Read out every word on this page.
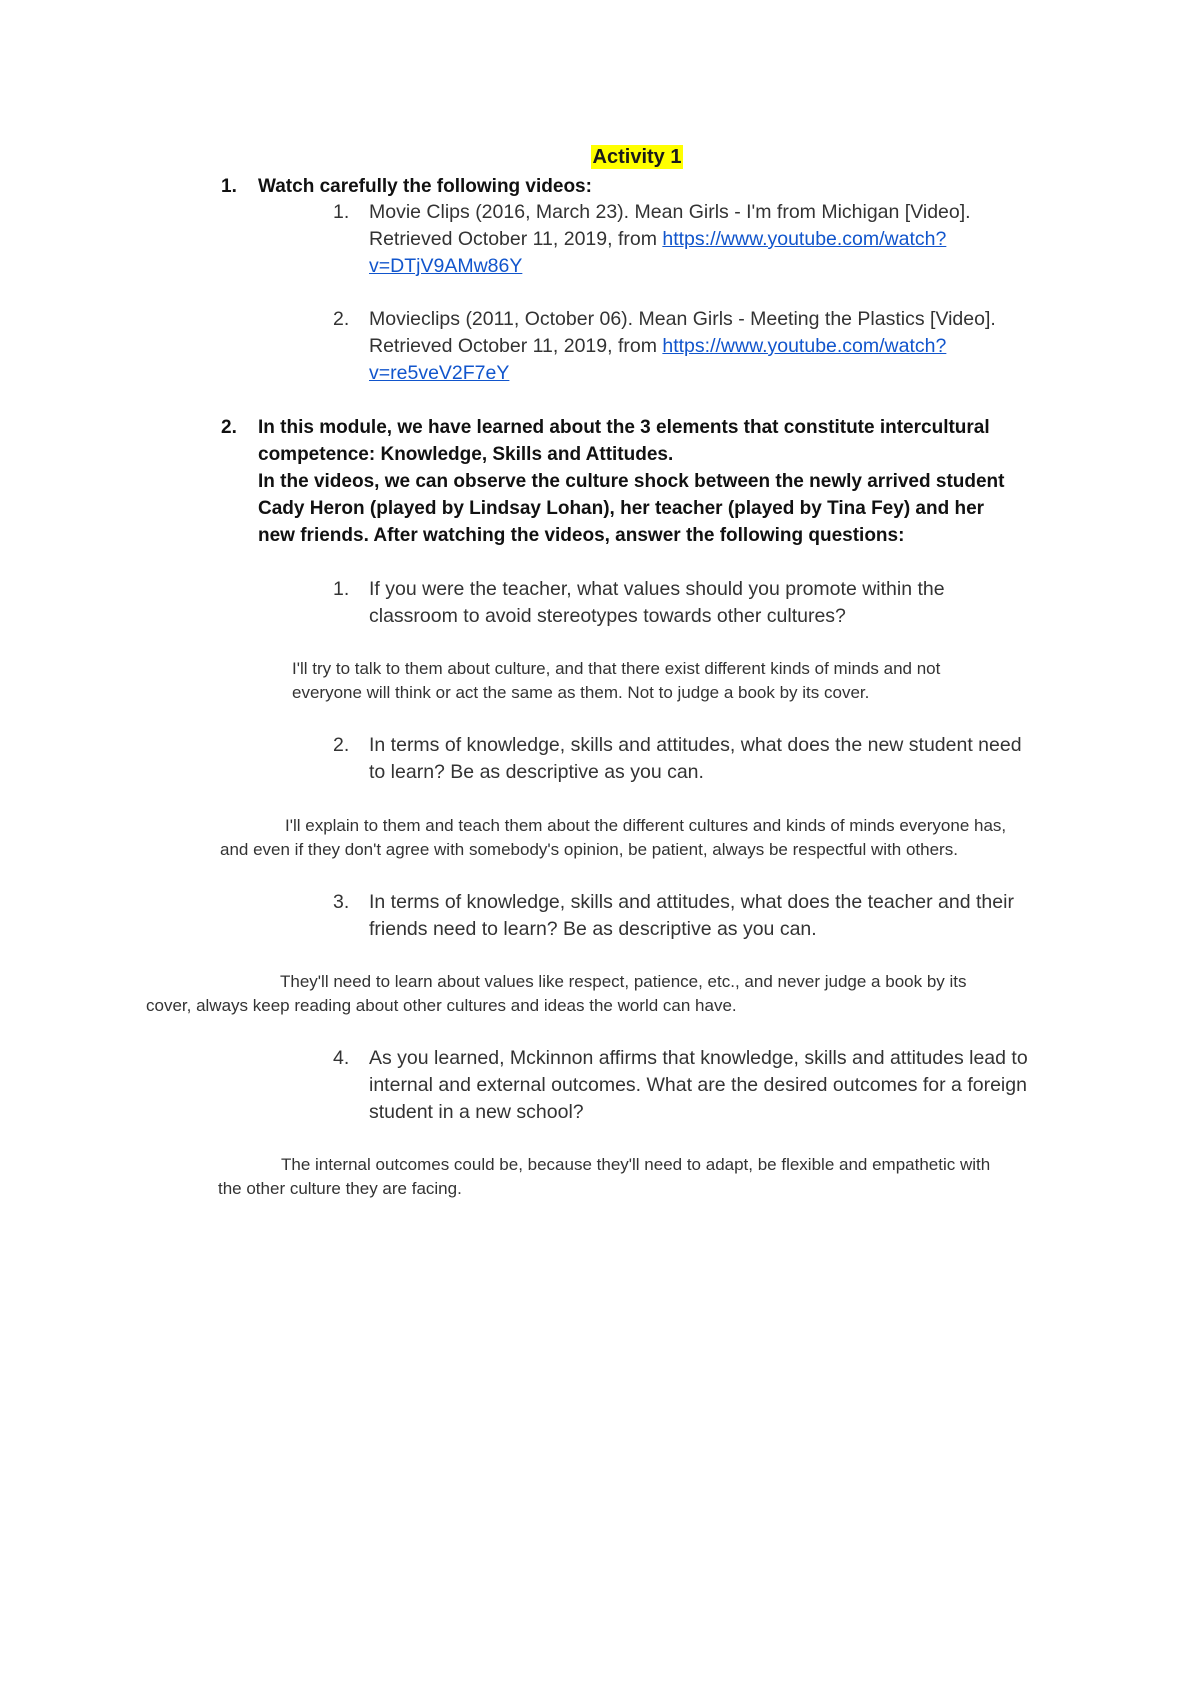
Activity 1
1. Watch carefully the following videos:
1. Movie Clips (2016, March 23). Mean Girls - I'm from Michigan [Video].
Retrieved October 11, 2019, from https://www.youtube.com/watch?
v=DTjV9AMw86Y
2. Movieclips (2011, October 06). Mean Girls - Meeting the Plastics [Video].
Retrieved October 11, 2019, from https://www.youtube.com/watch?
v=re5veV2F7eY
2. In this module, we have learned about the 3 elements that constitute intercultural
competence: Knowledge, Skills and Attitudes.
In the videos, we can observe the culture shock between the newly arrived student
Cady Heron (played by Lindsay Lohan), her teacher (played by Tina Fey) and her
new friends. After watching the videos, answer the following questions:
1. If you were the teacher, what values should you promote within the
classroom to avoid stereotypes towards other cultures?
I'll try to talk to them about culture, and that there exist different kinds of minds and not
everyone will think or act the same as them. Not to judge a book by its cover.
2. In terms of knowledge, skills and attitudes, what does the new student need
to learn? Be as descriptive as you can.
I'll explain to them and teach them about the different cultures and kinds of minds everyone has,
and even if they don't agree with somebody's opinion, be patient, always be respectful with others.
3. In terms of knowledge, skills and attitudes, what does the teacher and their
friends need to learn? Be as descriptive as you can.
They'll need to learn about values like respect, patience, etc., and never judge a book by its
cover, always keep reading about other cultures and ideas the world can have.
4. As you learned, Mckinnon affirms that knowledge, skills and attitudes lead to
internal and external outcomes. What are the desired outcomes for a foreign
student in a new school?
The internal outcomes could be, because they'll need to adapt, be flexible and empathetic with
the other culture they are facing.
